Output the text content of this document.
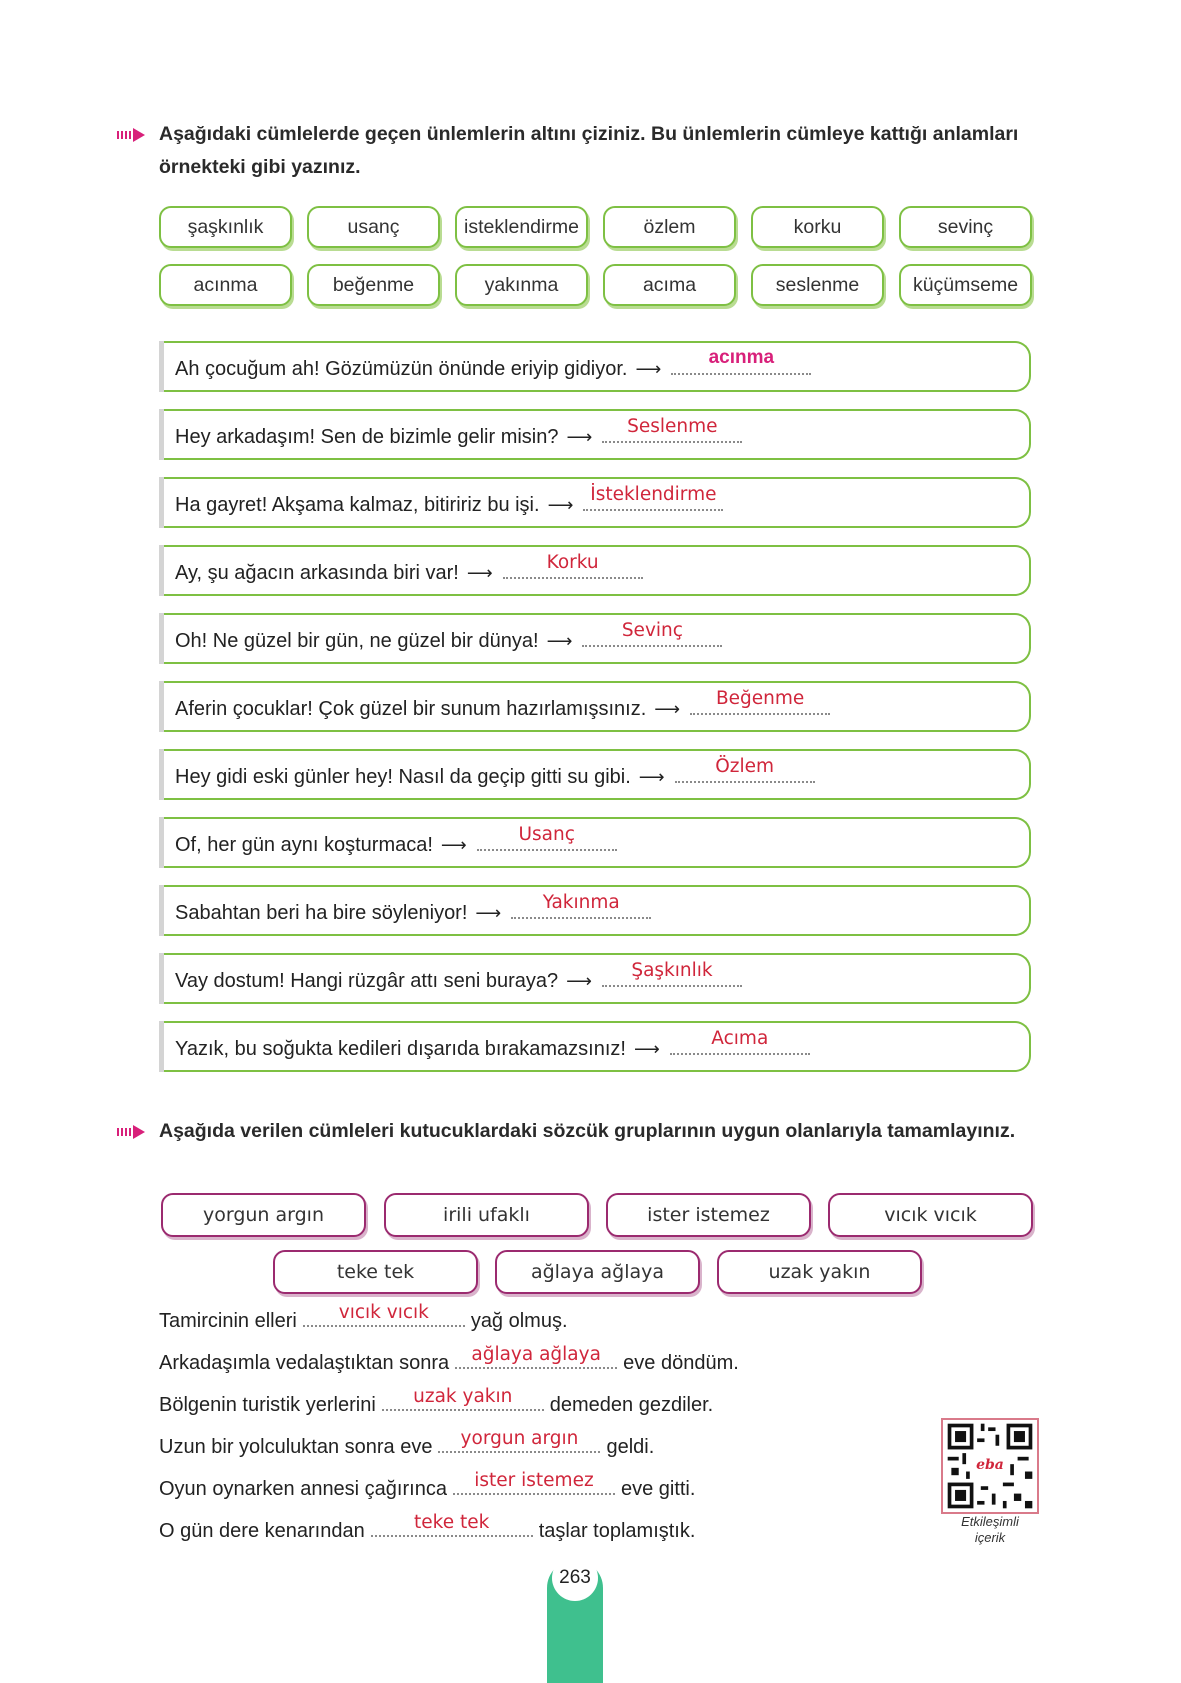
Aşağıdaki cümlelerde geçen ünlemlerin altını çiziniz. Bu ünlemlerin cümleye kattığı anlamları örnekteki gibi yazınız.
şaşkınlık	usanç	isteklendirme	özlem	korku	sevinç
acınma	beğenme	yakınma	acıma	seslenme	küçümseme
Ah çocuğum ah! Gözümüzün önünde eriyip gidiyor. ⟶
acınma
Hey arkadaşım! Sen de bizimle gelir misin? ⟶	Seslenme
Ha gayret! Akşama kalmaz, bitiririz bu işi. ⟶ İsteklendirme
Ay, şu ağacın arkasında biri var! ⟶	Korku
Oh! Ne güzel bir gün, ne güzel bir dünya! ⟶	Sevinç
Aferin çocuklar! Çok güzel bir sunum hazırlamışsınız. ⟶	Beğenme
Hey gidi eski günler hey! Nasıl da geçip gitti su gibi. ⟶	Özlem
Of, her gün aynı koşturmaca! ⟶	Usanç
Sabahtan beri ha bire söyleniyor! ⟶	Yakınma
Vay dostum! Hangi rüzgâr attı seni buraya? ⟶	Şaşkınlık
Yazık, bu soğukta kedileri dışarıda bırakamazsınız! ⟶	Acıma
Aşağıda verilen cümleleri kutucuklardaki sözcük gruplarının uygun olanlarıyla tamamlayınız.
yorgun argın	irili ufaklı	ister istemez	vıcık vıcık
teke tek	ağlaya ağlaya	uzak yakın
Tamircinin elleri	vıcık vıcık	yağ olmuş.
Arkadaşımla vedalaştıktan sonra	ağlaya ağlaya	eve döndüm.
Bölgenin turistik yerlerini	uzak yakın	demeden gezdiler.
Uzun bir yolculuktan sonra eve	yorgun argın	geldi.
Oyun oynarken annesi çağırınca	ister istemez	eve gitti.
O gün dere kenarından	teke tek	taşlar toplamıştık.
eba
Etkileşimli
içerik
263
